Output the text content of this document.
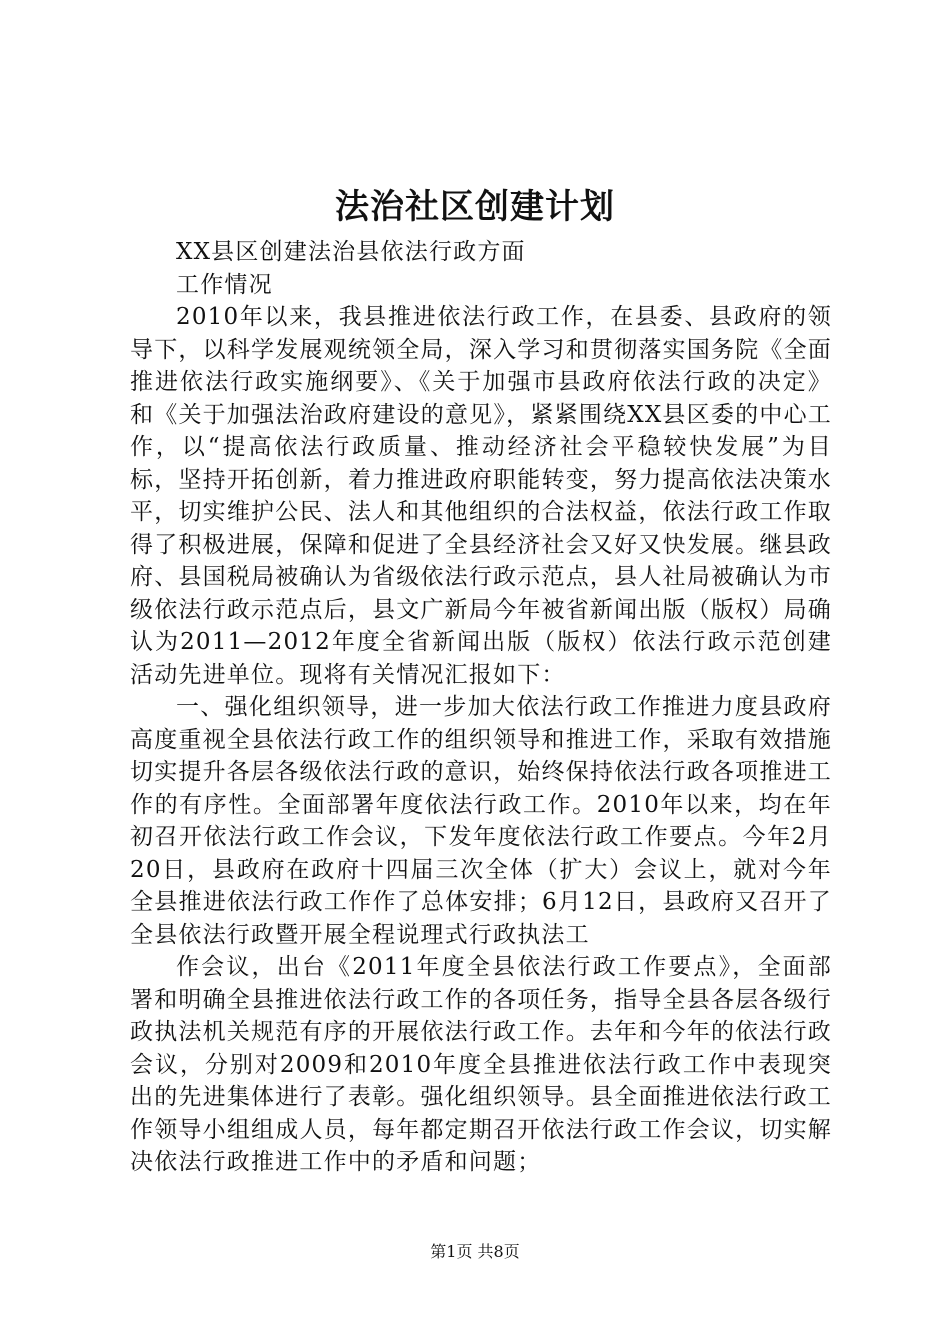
法治社区创建计划

XX县区创建法治县依法行政方面

工作情况

2010年以来，我县推进依法行政工作，在县委、县政府的领导下，以科学发展观统领全局，深入学习和贯彻落实国务院《全面推进依法行政实施纲要》、《关于加强市县政府依法行政的决定》和《关于加强法治政府建设的意见》，紧紧围绕XX县区委的中心工作，以“提高依法行政质量、推动经济社会平稳较快发展”为目标，坚持开拓创新，着力推进政府职能转变，努力提高依法决策水平，切实维护公民、法人和其他组织的合法权益，依法行政工作取得了积极进展，保障和促进了全县经济社会又好又快发展。继县政府、县国税局被确认为省级依法行政示范点，县人社局被确认为市级依法行政示范点后，县文广新局今年被省新闻出版（版权）局确认为2011—2012年度全省新闻出版（版权）依法行政示范创建活动先进单位。现将有关情况汇报如下：

一、强化组织领导，进一步加大依法行政工作推进力度县政府高度重视全县依法行政工作的组织领导和推进工作，采取有效措施切实提升各层各级依法行政的意识，始终保持依法行政各项推进工作的有序性。全面部署年度依法行政工作。2010年以来，均在年初召开依法行政工作会议，下发年度依法行政工作要点。今年2月20日，县政府在政府十四届三次全体（扩大）会议上，就对今年全县推进依法行政工作作了总体安排；6月12日，县政府又召开了全县依法行政暨开展全程说理式行政执法工

作会议，出台《2011年度全县依法行政工作要点》，全面部署和明确全县推进依法行政工作的各项任务，指导全县各层各级行政执法机关规范有序的开展依法行政工作。去年和今年的依法行政会议，分别对2009和2010年度全县推进依法行政工作中表现突出的先进集体进行了表彰。强化组织领导。县全面推进依法行政工作领导小组组成人员，每年都定期召开依法行政工作会议，切实解决依法行政推进工作中的矛盾和问题；

第1页 共8页
